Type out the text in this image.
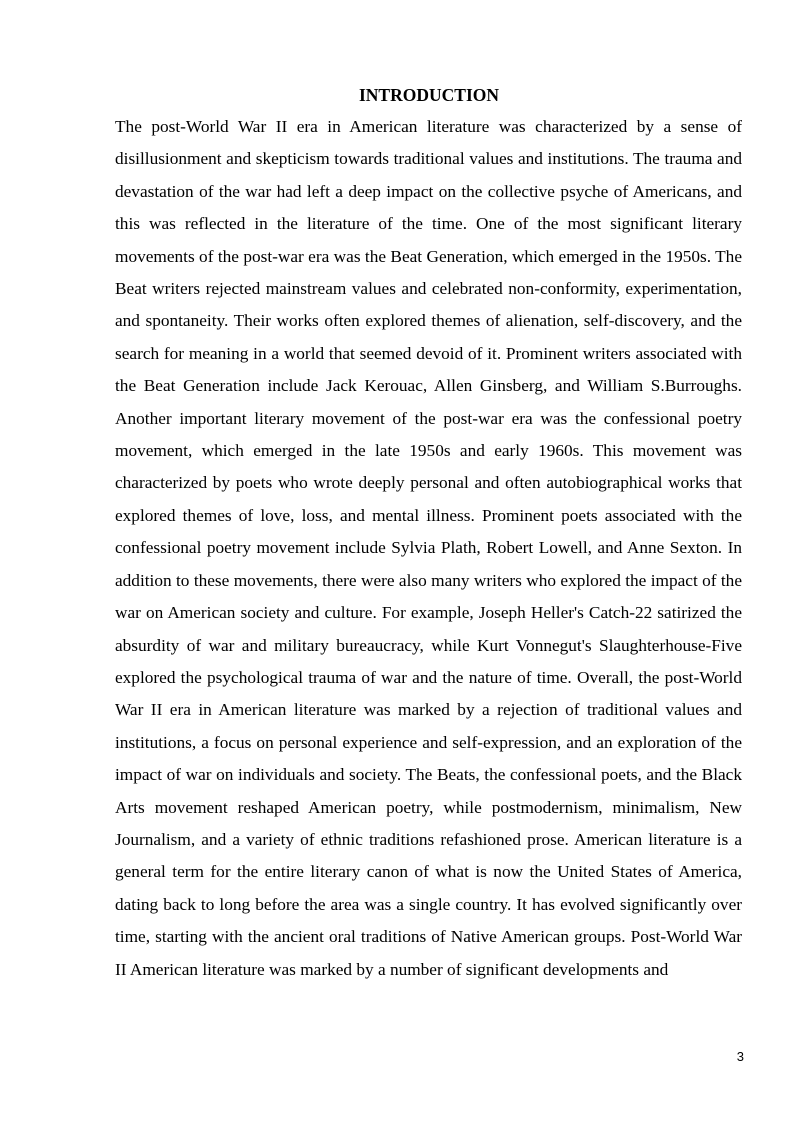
INTRODUCTION

The post-World War II era in American literature was characterized by a sense of disillusionment and skepticism towards traditional values and institutions. The trauma and devastation of the war had left a deep impact on the collective psyche of Americans, and this was reflected in the literature of the time. One of the most significant literary movements of the post-war era was the Beat Generation, which emerged in the 1950s. The Beat writers rejected mainstream values and celebrated non-conformity, experimentation, and spontaneity. Their works often explored themes of alienation, self-discovery, and the search for meaning in a world that seemed devoid of it. Prominent writers associated with the Beat Generation include Jack Kerouac, Allen Ginsberg, and William S.Burroughs. Another important literary movement of the post-war era was the confessional poetry movement, which emerged in the late 1950s and early 1960s. This movement was characterized by poets who wrote deeply personal and often autobiographical works that explored themes of love, loss, and mental illness. Prominent poets associated with the confessional poetry movement include Sylvia Plath, Robert Lowell, and Anne Sexton. In addition to these movements, there were also many writers who explored the impact of the war on American society and culture. For example, Joseph Heller's Catch-22 satirized the absurdity of war and military bureaucracy, while Kurt Vonnegut's Slaughterhouse-Five explored the psychological trauma of war and the nature of time. Overall, the post-World War II era in American literature was marked by a rejection of traditional values and institutions, a focus on personal experience and self-expression, and an exploration of the impact of war on individuals and society. The Beats, the confessional poets, and the Black Arts movement reshaped American poetry, while postmodernism, minimalism, New Journalism, and a variety of ethnic traditions refashioned prose. American literature is a general term for the entire literary canon of what is now the United States of America, dating back to long before the area was a single country. It has evolved significantly over time, starting with the ancient oral traditions of Native American groups. Post-World War II American literature was marked by a number of significant developments and

3
